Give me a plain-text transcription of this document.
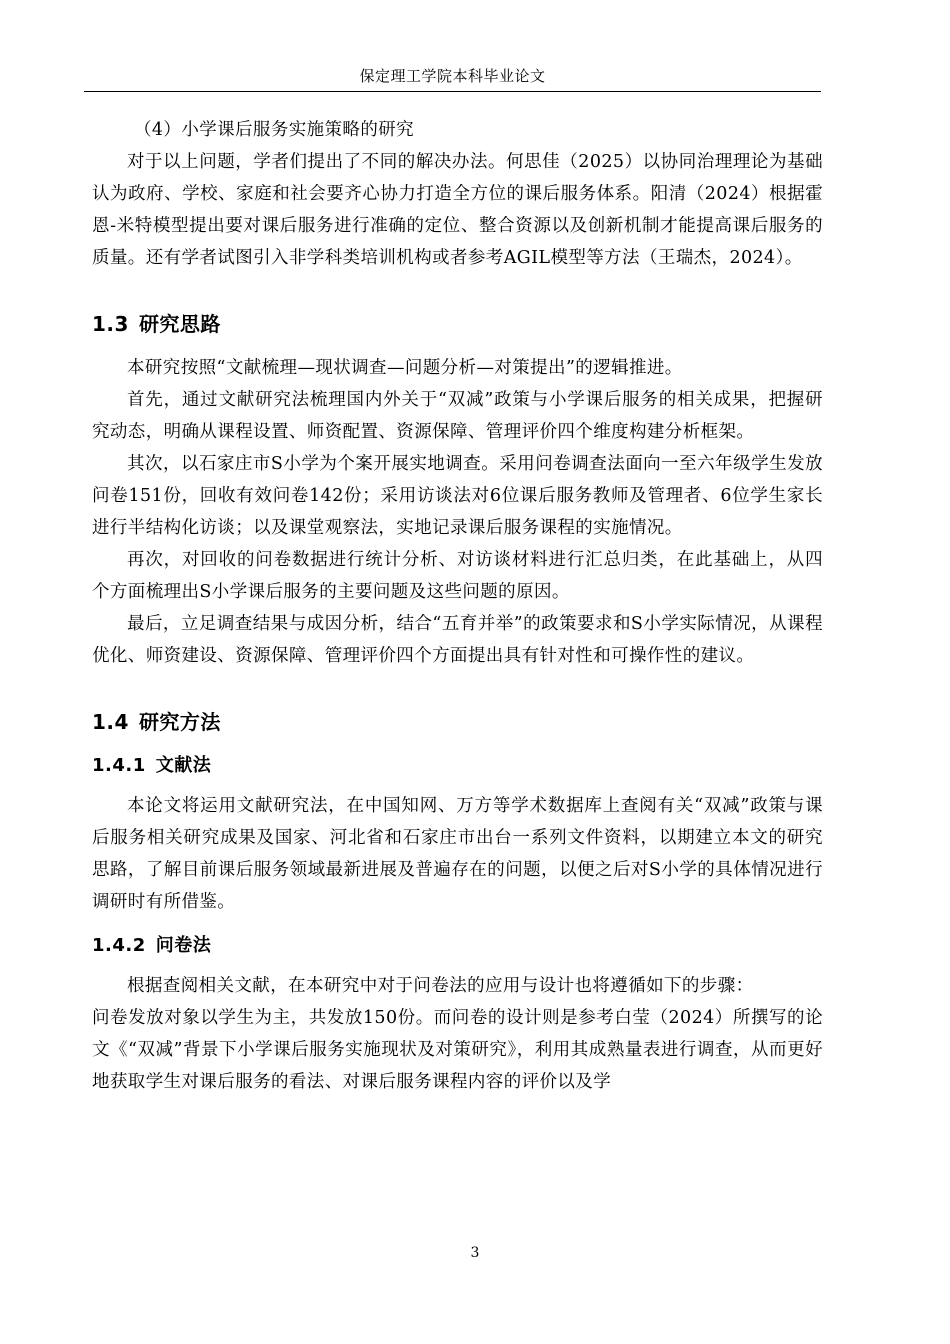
保定理工学院本科毕业论文

（4）小学课后服务实施策略的研究

对于以上问题，学者们提出了不同的解决办法。何思佳（2025）以协同治理理论为基础认为政府、学校、家庭和社会要齐心协力打造全方位的课后服务体系。阳清（2024）根据霍恩-米特模型提出要对课后服务进行准确的定位、整合资源以及创新机制才能提高课后服务的质量。还有学者试图引入非学科类培训机构或者参考AGIL模型等方法（王瑞杰，2024）。

1.3 研究思路

本研究按照“文献梳理—现状调查—问题分析—对策提出”的逻辑推进。

首先，通过文献研究法梳理国内外关于“双减”政策与小学课后服务的相关成果，把握研究动态，明确从课程设置、师资配置、资源保障、管理评价四个维度构建分析框架。

其次，以石家庄市S小学为个案开展实地调查。采用问卷调查法面向一至六年级学生发放问卷151份，回收有效问卷142份；采用访谈法对6位课后服务教师及管理者、6位学生家长进行半结构化访谈；以及课堂观察法，实地记录课后服务课程的实施情况。

再次，对回收的问卷数据进行统计分析、对访谈材料进行汇总归类，在此基础上，从四个方面梳理出S小学课后服务的主要问题及这些问题的原因。

最后，立足调查结果与成因分析，结合“五育并举”的政策要求和S小学实际情况，从课程优化、师资建设、资源保障、管理评价四个方面提出具有针对性和可操作性的建议。

1.4 研究方法
1.4.1 文献法

本论文将运用文献研究法，在中国知网、万方等学术数据库上查阅有关“双减”政策与课后服务相关研究成果及国家、河北省和石家庄市出台一系列文件资料，以期建立本文的研究思路，了解目前课后服务领域最新进展及普遍存在的问题，以便之后对S小学的具体情况进行调研时有所借鉴。

1.4.2 问卷法

根据查阅相关文献，在本研究中对于问卷法的应用与设计也将遵循如下的步骤：

问卷发放对象以学生为主，共发放150份。而问卷的设计则是参考白莹（2024）所撰写的论文《“双减”背景下小学课后服务实施现状及对策研究》，利用其成熟量表进行调查，从而更好地获取学生对课后服务的看法、对课后服务课程内容的评价以及学

3
